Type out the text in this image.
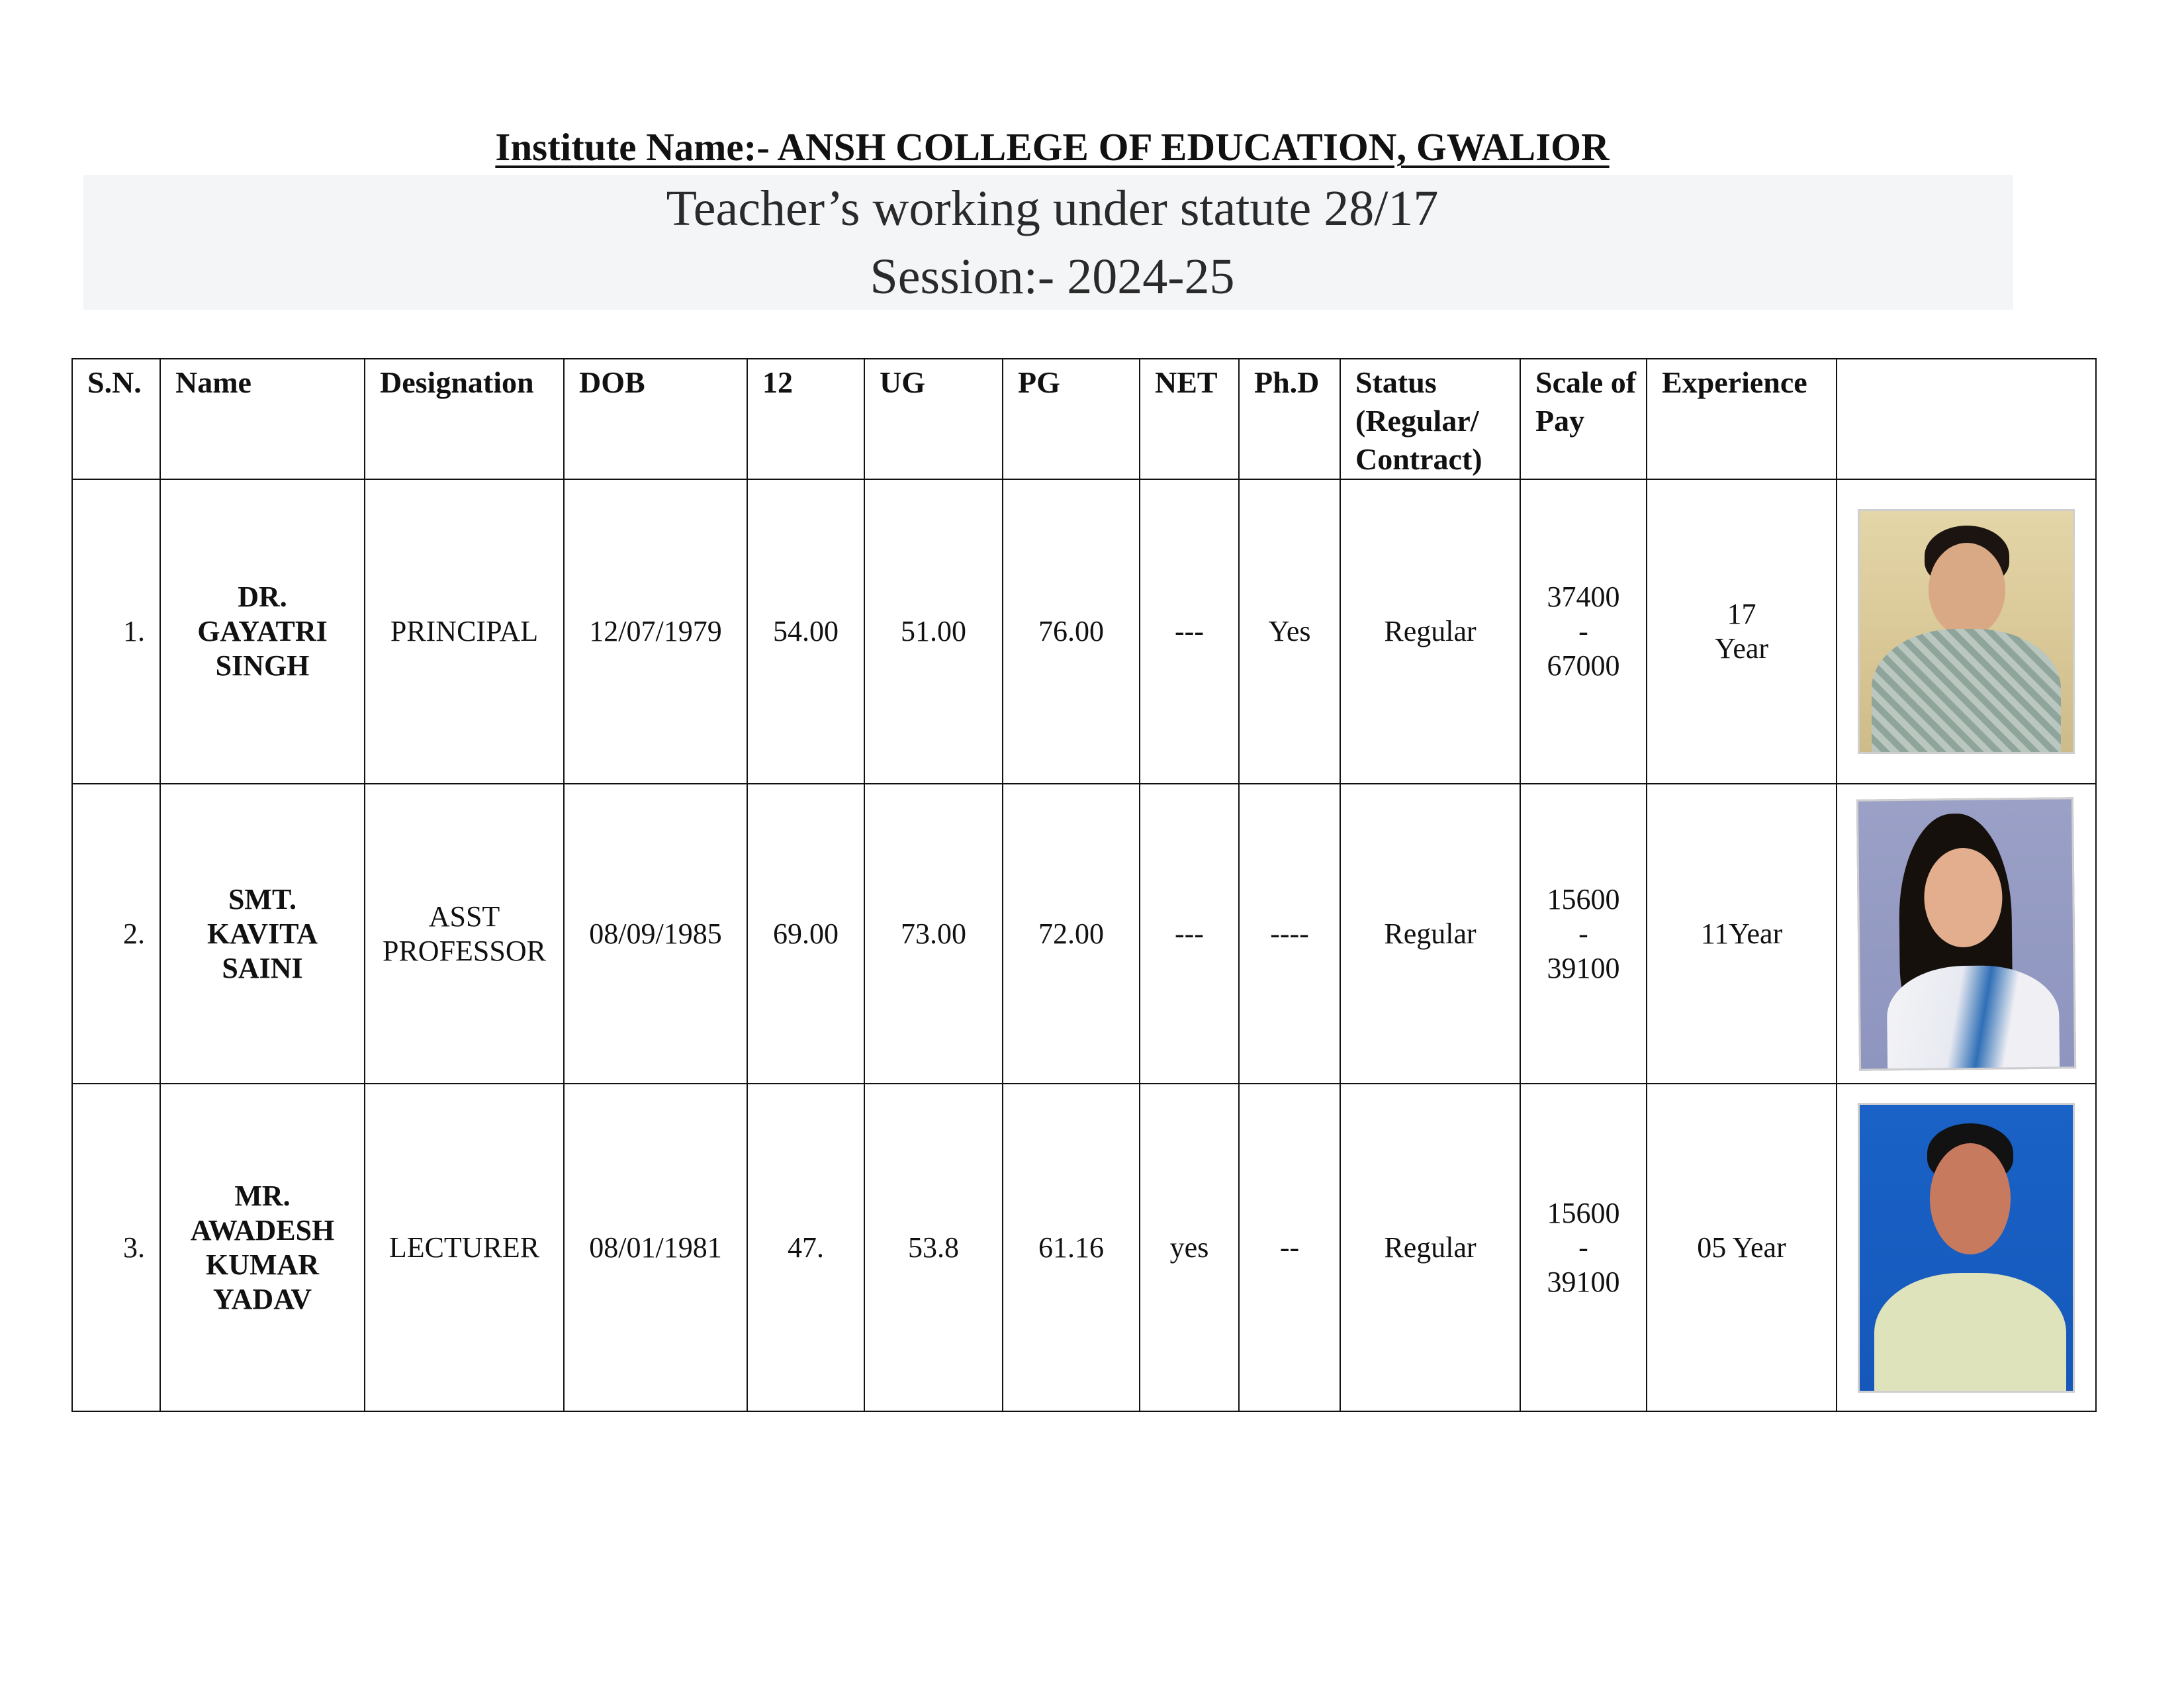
Institute Name:- ANSH COLLEGE OF EDUCATION, GWALIOR
Teacher’s working under statute 28/17
Session:- 2024-25
S.N.	Name	Designation	DOB	12	UG	PG	NET	Ph.D	Status (Regular/ Contract)	Scale of Pay	Experience	
1.	DR.
GAYATRI
SINGH	PRINCIPAL	12/07/1979	54.00	51.00	76.00	---	Yes	Regular	37400
-
67000	17
Year	

2.	SMT.
KAVITA
SAINI	ASST
PROFESSOR	08/09/1985	69.00	73.00	72.00	---	----	Regular	15600
-
39100	11Year	

3.	MR.
AWADESH
KUMAR
YADAV	LECTURER	08/01/1981	47.	53.8	61.16	yes	--	Regular	15600
-
39100	05 Year	
